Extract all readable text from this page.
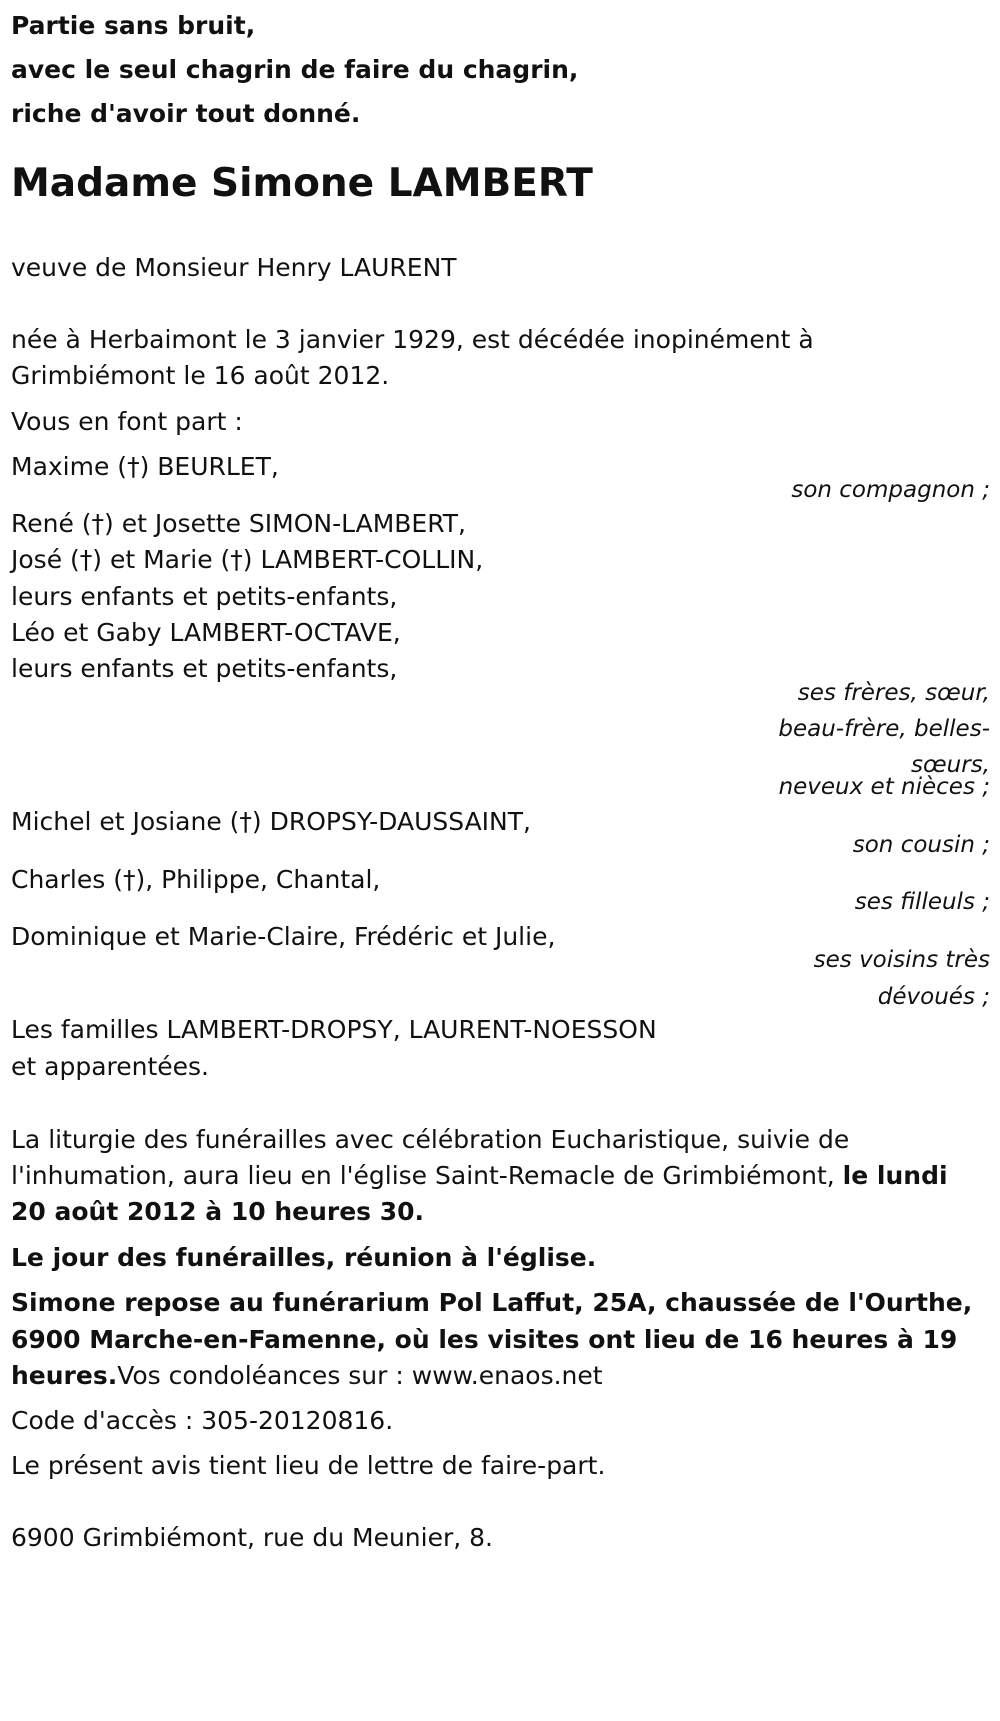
Partie sans bruit,

avec le seul chagrin de faire du chagrin,

riche d'avoir tout donné.

Madame Simone LAMBERT

veuve de Monsieur Henry LAURENT

née à Herbaimont le 3 janvier 1929, est décédée inopinément à

Grimbiémont le 16 août 2012.

Vous en font part :

Maxime (†) BEURLET,

son compagnon ;

René (†) et Josette SIMON-LAMBERT,

José (†) et Marie (†) LAMBERT-COLLIN,

leurs enfants et petits-enfants,

Léo et Gaby LAMBERT-OCTAVE,

leurs enfants et petits-enfants,

ses frères, sœur,

beau-frère, belles-

sœurs,

neveux et nièces ;

Michel et Josiane (†) DROPSY-DAUSSAINT,

son cousin ;

Charles (†), Philippe, Chantal,

ses filleuls ;

Dominique et Marie-Claire, Frédéric et Julie,

ses voisins très

dévoués ;

Les familles LAMBERT-DROPSY, LAURENT-NOESSON

et apparentées.

La liturgie des funérailles avec célébration Eucharistique, suivie de

l'inhumation, aura lieu en l'église Saint-Remacle de Grimbiémont, le lundi

20 août 2012 à 10 heures 30.

Le jour des funérailles, réunion à l'église.

Simone repose au funérarium Pol Laffut, 25A, chaussée de l'Ourthe,

6900 Marche-en-Famenne, où les visites ont lieu de 16 heures à 19

heures.Vos condoléances sur : www.enaos.net

Code d'accès : 305-20120816.

Le présent avis tient lieu de lettre de faire-part.

6900 Grimbiémont, rue du Meunier, 8.
